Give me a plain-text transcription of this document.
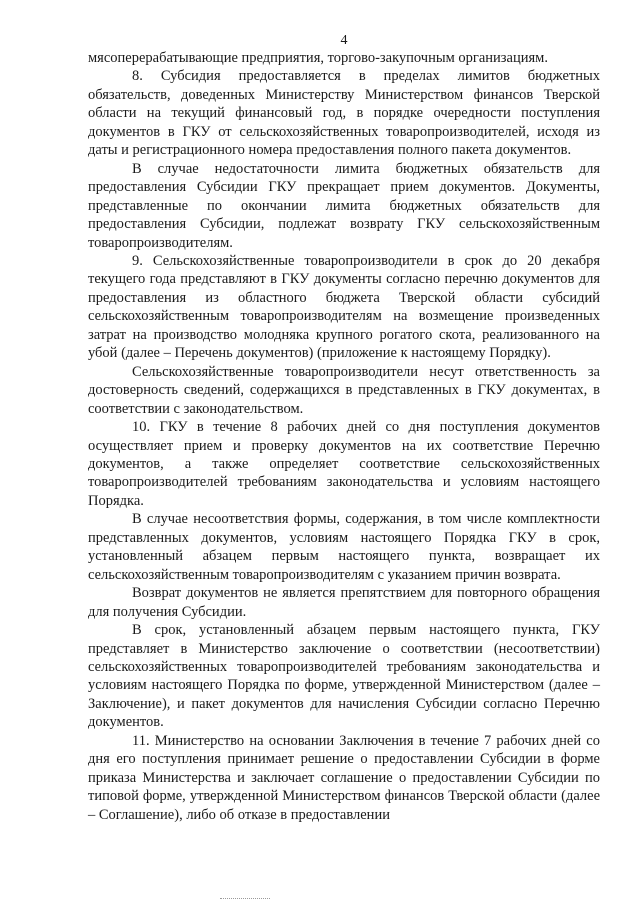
4

мясоперерабатывающие предприятия, торгово-закупочным организациям.

8. Субсидия предоставляется в пределах лимитов бюджетных обязательств, доведенных Министерству Министерством финансов Тверской области на текущий финансовый год, в порядке очередности поступления документов в ГКУ от сельскохозяйственных товаропроизводителей, исходя из даты и регистрационного номера предоставления полного пакета документов.

В случае недостаточности лимита бюджетных обязательств для предоставления Субсидии ГКУ прекращает прием документов. Документы, представленные по окончании лимита бюджетных обязательств для предоставления Субсидии, подлежат возврату ГКУ сельскохозяйственным товаропроизводителям.

9. Сельскохозяйственные товаропроизводители в срок до 20 декабря текущего года представляют в ГКУ документы согласно перечню документов для предоставления из областного бюджета Тверской области субсидий сельскохозяйственным товаропроизводителям на возмещение произведенных затрат на производство молодняка крупного рогатого скота, реализованного на убой (далее – Перечень документов) (приложение к настоящему Порядку).

Сельскохозяйственные товаропроизводители несут ответственность за достоверность сведений, содержащихся в представленных в ГКУ документах, в соответствии с законодательством.

10. ГКУ в течение 8 рабочих дней со дня поступления документов осуществляет прием и проверку документов на их соответствие Перечню документов, а также определяет соответствие сельскохозяйственных товаропроизводителей требованиям законодательства и условиям настоящего Порядка.

В случае несоответствия формы, содержания, в том числе комплектности представленных документов, условиям настоящего Порядка ГКУ в срок, установленный абзацем первым настоящего пункта, возвращает их сельскохозяйственным товаропроизводителям с указанием причин возврата.

Возврат документов не является препятствием для повторного обращения для получения Субсидии.

В срок, установленный абзацем первым настоящего пункта, ГКУ представляет в Министерство заключение о соответствии (несоответствии) сельскохозяйственных товаропроизводителей требованиям законодательства и условиям настоящего Порядка по форме, утвержденной Министерством (далее – Заключение), и пакет документов для начисления Субсидии согласно Перечню документов.

11. Министерство на основании Заключения в течение 7 рабочих дней со дня его поступления принимает решение о предоставлении Субсидии в форме приказа Министерства и заключает соглашение о предоставлении Субсидии по типовой форме, утвержденной Министерством финансов Тверской области (далее – Соглашение), либо об отказе в предоставлении
